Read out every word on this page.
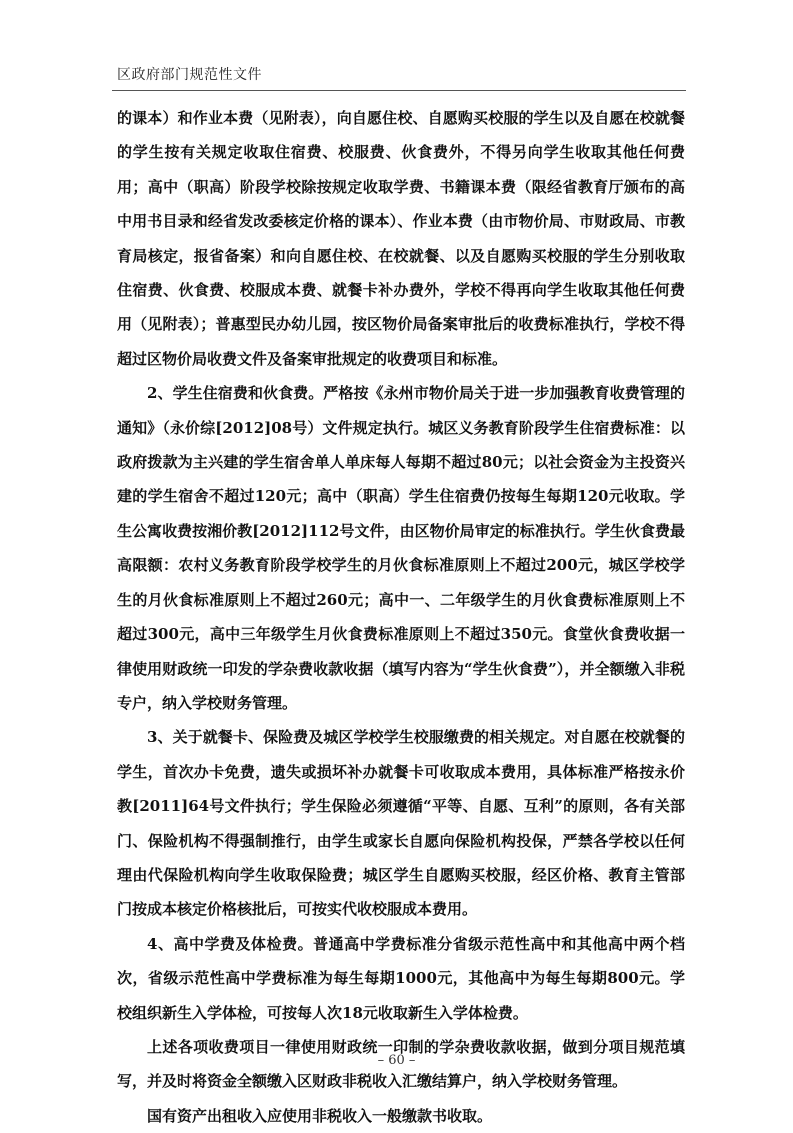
区政府部门规范性文件

的课本）和作业本费（见附表），向自愿住校、自愿购买校服的学生以及自愿在校就餐的学生按有关规定收取住宿费、校服费、伙食费外，不得另向学生收取其他任何费用；高中（职高）阶段学校除按规定收取学费、书籍课本费（限经省教育厅颁布的高中用书目录和经省发改委核定价格的课本）、作业本费（由市物价局、市财政局、市教育局核定，报省备案）和向自愿住校、在校就餐、以及自愿购买校服的学生分别收取住宿费、伙食费、校服成本费、就餐卡补办费外，学校不得再向学生收取其他任何费用（见附表）；普惠型民办幼儿园，按区物价局备案审批后的收费标准执行，学校不得超过区物价局收费文件及备案审批规定的收费项目和标准。

2、学生住宿费和伙食费。严格按《永州市物价局关于进一步加强教育收费管理的通知》（永价综[2012]08号）文件规定执行。城区义务教育阶段学生住宿费标准：以政府拨款为主兴建的学生宿舍单人单床每人每期不超过80元；以社会资金为主投资兴建的学生宿舍不超过120元；高中（职高）学生住宿费仍按每生每期120元收取。学生公寓收费按湘价教[2012]112号文件，由区物价局审定的标准执行。学生伙食费最高限额：农村义务教育阶段学校学生的月伙食标准原则上不超过200元，城区学校学生的月伙食标准原则上不超过260元；高中一、二年级学生的月伙食费标准原则上不超过300元，高中三年级学生月伙食费标准原则上不超过350元。食堂伙食费收据一律使用财政统一印发的学杂费收款收据（填写内容为“学生伙食费”），并全额缴入非税专户，纳入学校财务管理。

3、关于就餐卡、保险费及城区学校学生校服缴费的相关规定。对自愿在校就餐的学生，首次办卡免费，遗失或损坏补办就餐卡可收取成本费用，具体标准严格按永价教[2011]64号文件执行；学生保险必须遵循“平等、自愿、互利”的原则，各有关部门、保险机构不得强制推行，由学生或家长自愿向保险机构投保，严禁各学校以任何理由代保险机构向学生收取保险费；城区学生自愿购买校服，经区价格、教育主管部门按成本核定价格核批后，可按实代收校服成本费用。

4、高中学费及体检费。普通高中学费标准分省级示范性高中和其他高中两个档次，省级示范性高中学费标准为每生每期1000元，其他高中为每生每期800元。学校组织新生入学体检，可按每人次18元收取新生入学体检费。

上述各项收费项目一律使用财政统一印制的学杂费收款收据，做到分项目规范填写，并及时将资金全额缴入区财政非税收入汇缴结算户，纳入学校财务管理。

国有资产出租收入应使用非税收入一般缴款书收取。

– 60 –
